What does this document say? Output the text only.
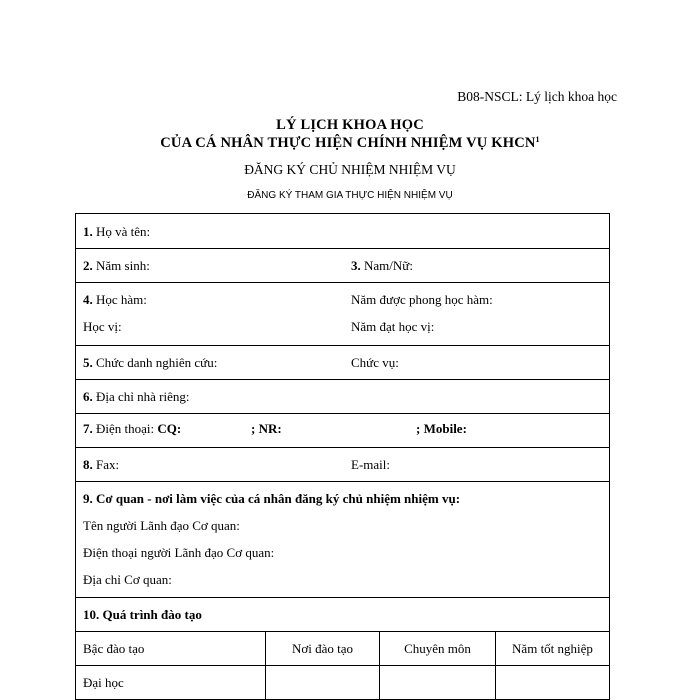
B08-NSCL: Lý lịch khoa học
LÝ LỊCH KHOA HỌC
CỦA CÁ NHÂN THỰC HIỆN CHÍNH NHIỆM VỤ KHCN$^1$
ĐĂNG KÝ CHỦ NHIỆM NHIỆM VỤ
ĐĂNG KÝ THAM GIA THỰC HIỆN NHIỆM VỤ
1. Họ và tên:
2. Năm sinh:	3. Nam/Nữ:
4. Học hàm:	Năm được phong học hàm:
Học vị:	Năm đạt học vị:
5. Chức danh nghiên cứu:	Chức vụ:
6. Địa chỉ nhà riêng:
7. Điện thoại: CQ:	; NR:	; Mobile:
8. Fax:	E-mail:
9. Cơ quan - nơi làm việc của cá nhân đăng ký chủ nhiệm nhiệm vụ:
Tên người Lãnh đạo Cơ quan:
Điện thoại người Lãnh đạo Cơ quan:
Địa chỉ Cơ quan:
10. Quá trình đào tạo
Bậc đào tạo	Nơi đào tạo	Chuyên môn	Năm tốt nghiệp
Đại học
